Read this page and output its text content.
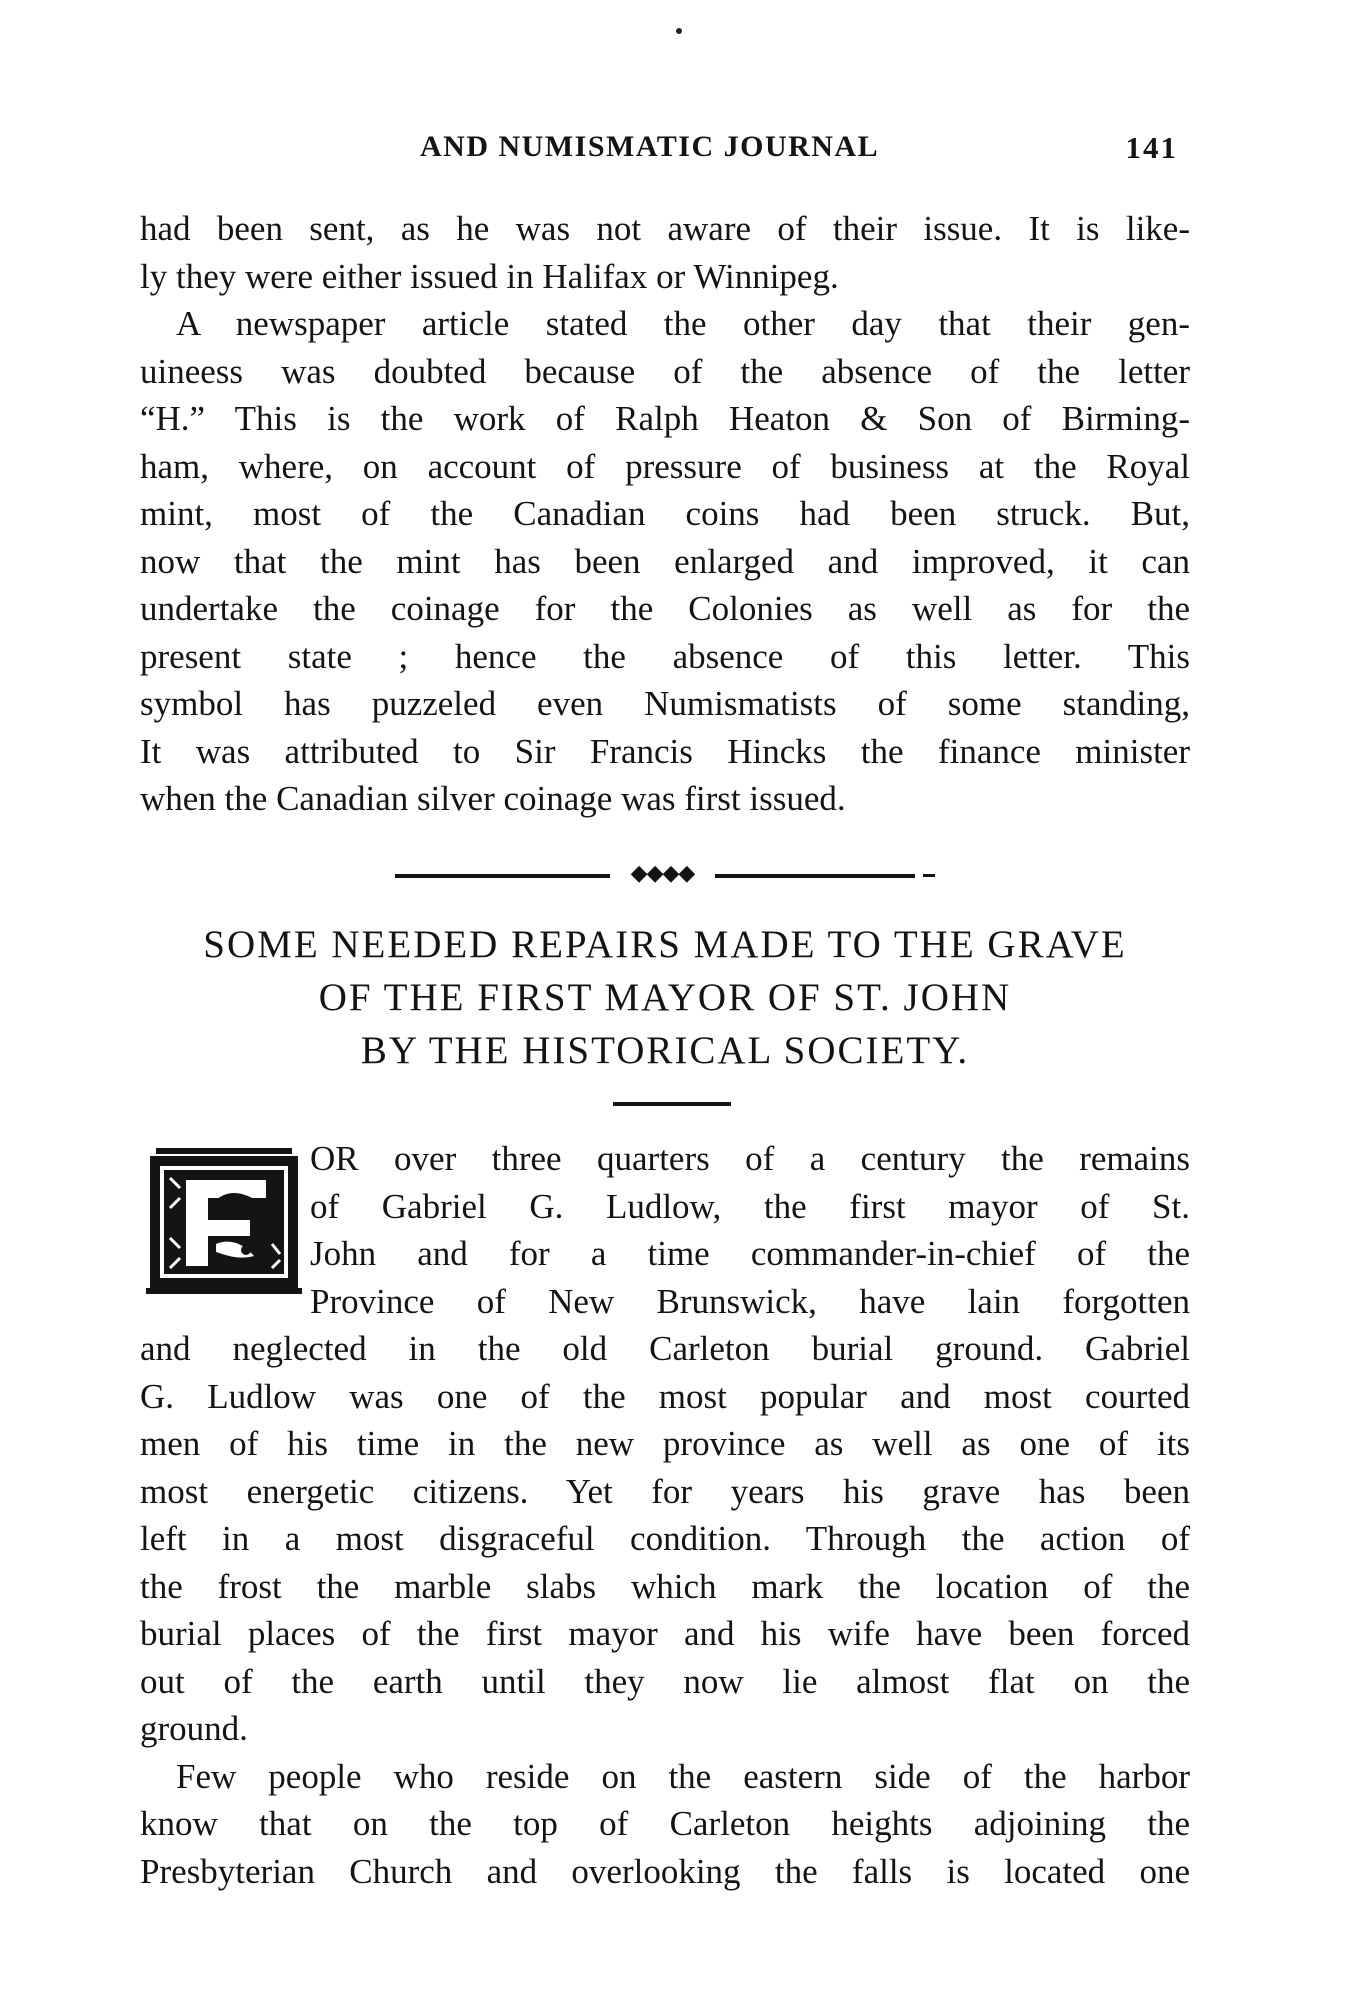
AND NUMISMATIC JOURNAL	141
had been sent, as he was not aware of their issue. It is like-
ly they were either issued in Halifax or Winnipeg.
A newspaper article stated the other day that their gen-
uineess was doubted because of the absence of the letter
“H.” This is the work of Ralph Heaton & Son of Birming-
ham, where, on account of pressure of business at the Royal
mint, most of the Canadian coins had been struck. But,
now that the mint has been enlarged and improved, it can
undertake the coinage for the Colonies as well as for the
present state ; hence the absence of this letter. This
symbol has puzzeled even Numismatists of some standing,
It was attributed to Sir Francis Hincks the finance minister
when the Canadian silver coinage was first issued.
◆◆◆◆
SOME NEEDED REPAIRS MADE TO THE GRAVE
OF THE FIRST MAYOR OF ST. JOHN
BY THE HISTORICAL SOCIETY.
OR over three quarters of a century the remains
of Gabriel G. Ludlow, the first mayor of St.
John and for a time commander-in-chief of the
Province of New Brunswick, have lain forgotten
and neglected in the old Carleton burial ground. Gabriel
G. Ludlow was one of the most popular and most courted
men of his time in the new province as well as one of its
most energetic citizens. Yet for years his grave has been
left in a most disgraceful condition. Through the action of
the frost the marble slabs which mark the location of the
burial places of the first mayor and his wife have been forced
out of the earth until they now lie almost flat on the
ground.
Few people who reside on the eastern side of the harbor
know that on the top of Carleton heights adjoining the
Presbyterian Church and overlooking the falls is located one
